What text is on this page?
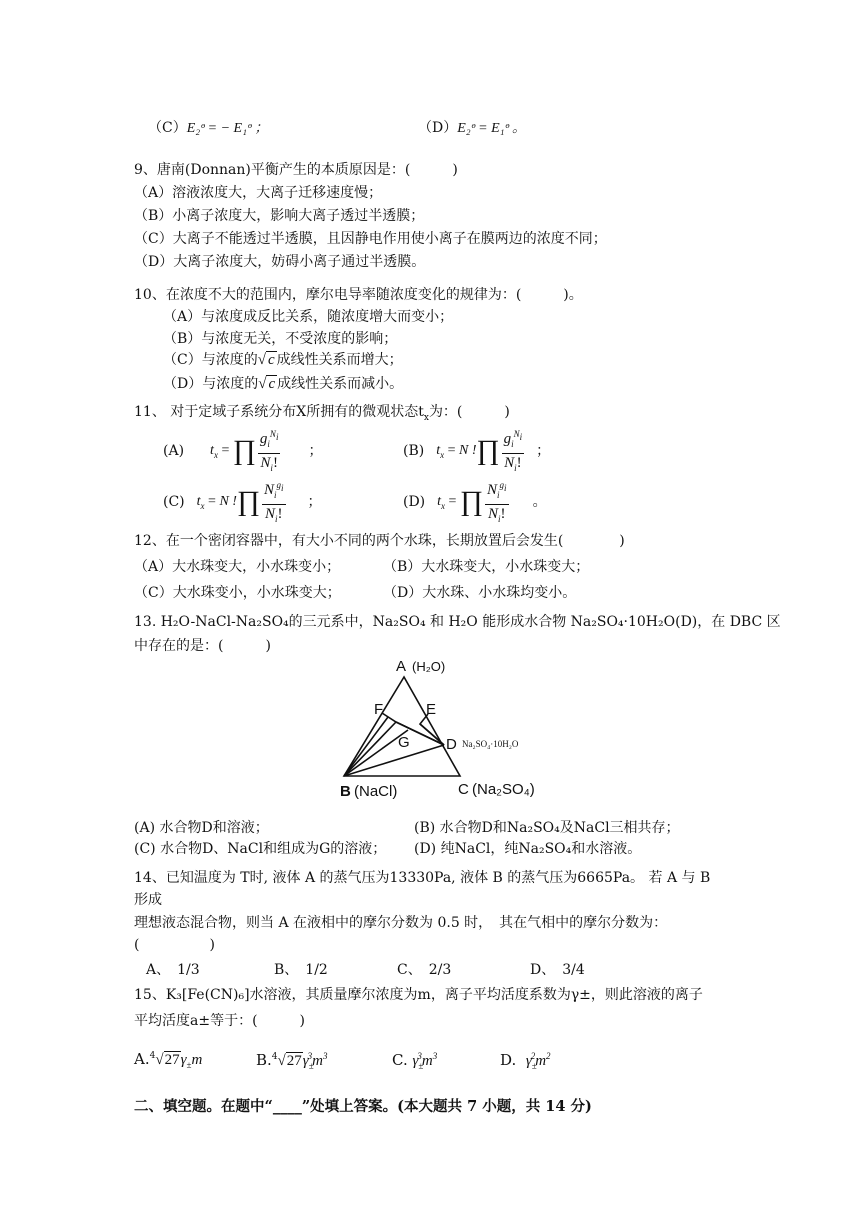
（C）E₂ᶱ = − E₁ᶱ ；	（D）E₂ᶱ = E₁ᶱ 。
9、唐南(Donnan)平衡产生的本质原因是：(　　　)
（A）溶液浓度大，大离子迁移速度慢；
（B）小离子浓度大，影响大离子透过半透膜；
（C）大离子不能透过半透膜，且因静电作用使小离子在膜两边的浓度不同；
（D）大离子浓度大，妨碍小离子通过半透膜。
10、在浓度不大的范围内，摩尔电导率随浓度变化的规律为：(　　　)。
（A）与浓度成反比关系，随浓度增大而变小；
（B）与浓度无关，不受浓度的影响；
（C）与浓度的√ c 成线性关系而增大；
（D）与浓度的√ c 成线性关系而减小。
11、 对于定域子系统分布X所拥有的微观状态$t_x$为：(　　　)
(A) $t_x$ = ∏ $\frac{g_i^{N_i}}{N_i!}$ ；	(B) $t_x = N$ !∏ $\frac{g_i^{N_i}}{N_i!}$ ；
(C) $t_x = N$ !∏ $\frac{N_i^{g_i}}{N_i!}$ ；	(D) $t_x$ = ∏ $\frac{N_i^{g_i}}{N_i!}$ 。
12、在一个密闭容器中，有大小不同的两个水珠，长期放置后会发生(　　　　)
（A）大水珠变大，小水珠变小；	（B）大水珠变大，小水珠变大；
（C）大水珠变小，小水珠变大；	（D）大水珠、小水珠均变小。
13. H₂O-NaCl-Na₂SO₄的三元系中，Na₂SO₄ 和 H₂O 能形成水合物 Na₂SO₄·10H₂O(D)，在 DBC 区
中存在的是：(　　　)
A (H₂O)
F	E
G D Na₂SO₄·10H₂O
B (NaCl)	C (Na₂SO₄)
(A) 水合物D和溶液；	(B) 水合物D和Na₂SO₄及NaCl三相共存；
(C) 水合物D、NaCl和组成为G的溶液； (D) 纯NaCl，纯Na₂SO₄和水溶液。
14、已知温度为 T时, 液体 A 的蒸气压为13330Pa, 液体 B 的蒸气压为6665Pa。 若 A 与 B
形成
理想液态混合物，则当 A 在液相中的摩尔分数为 0.5 时，　其在气相中的摩尔分数为：
(　　　　　)
A、　1/3	B、　1/2	C、　2/3	D、　3/4
15、K₃[Fe(CN)₆]水溶液，其质量摩尔浓度为m，离子平均活度系数为γ±，则此溶液的离子
平均活度a±等于：(　　　)
$A.^4√27\gamma_\pm m$	$B.^4√27\gamma_\pm^3m^3$	C. $\gamma_\pm^3m^3$	D. $\gamma_\pm^2m^2$
二、填空题。在题中“____”处填上答案。(本大题共 7 小题，共 14 分)
